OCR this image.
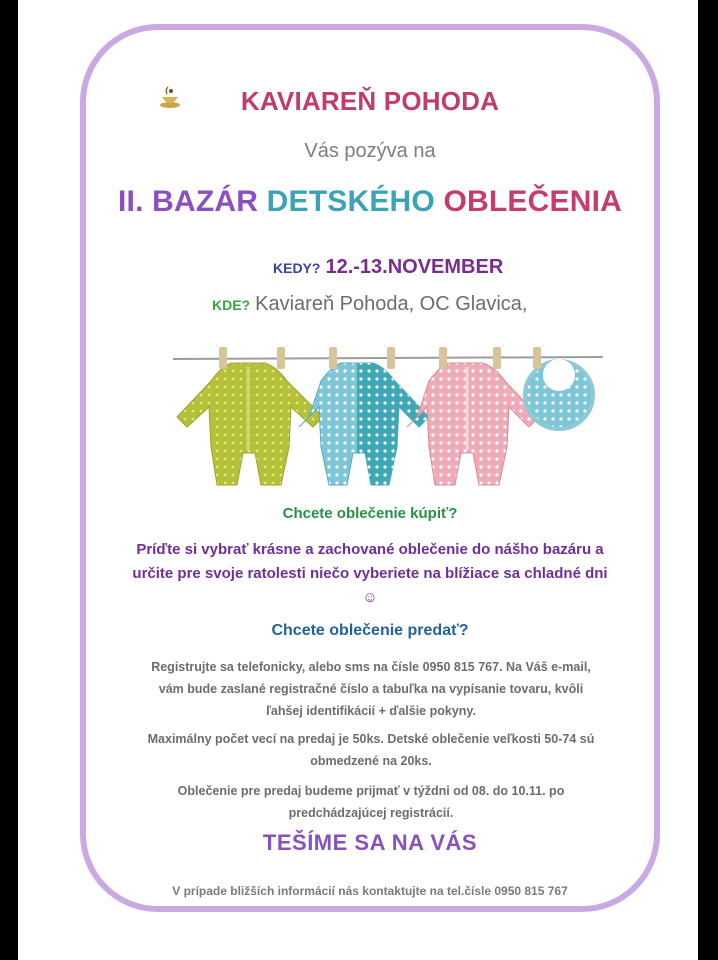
KAVIAREŇ POHODA
Vás pozýva na
II. BAZÁR DETSKÉHO OBLEČENIA
KEDY? 12.-13.NOVEMBER
KDE? Kaviareň Pohoda, OC Glavica,
Chcete oblečenie kúpiť?
Príďte si vybrať krásne a zachované oblečenie do nášho bazáru a určite pre svoje ratolesti niečo vyberiete na blížiace sa chladné dni ☺
Chcete oblečenie predať?
Registrujte sa telefonicky, alebo sms na čísle 0950 815 767. Na Váš e-mail, vám bude zaslané registračné číslo a tabuľka na vypísanie tovaru, kvôli ľahšej identifikácií + ďalšie pokyny.
Maximálny počet vecí na predaj je 50ks. Detské oblečenie veľkosti 50-74 sú obmedzené na 20ks.
Oblečenie pre predaj budeme prijmať v týždni od 08. do 10.11. po predchádzajúcej registrácií.
TEŠÍME SA NA VÁS
V prípade bližších informácií nás kontaktujte na tel.čísle 0950 815 767
